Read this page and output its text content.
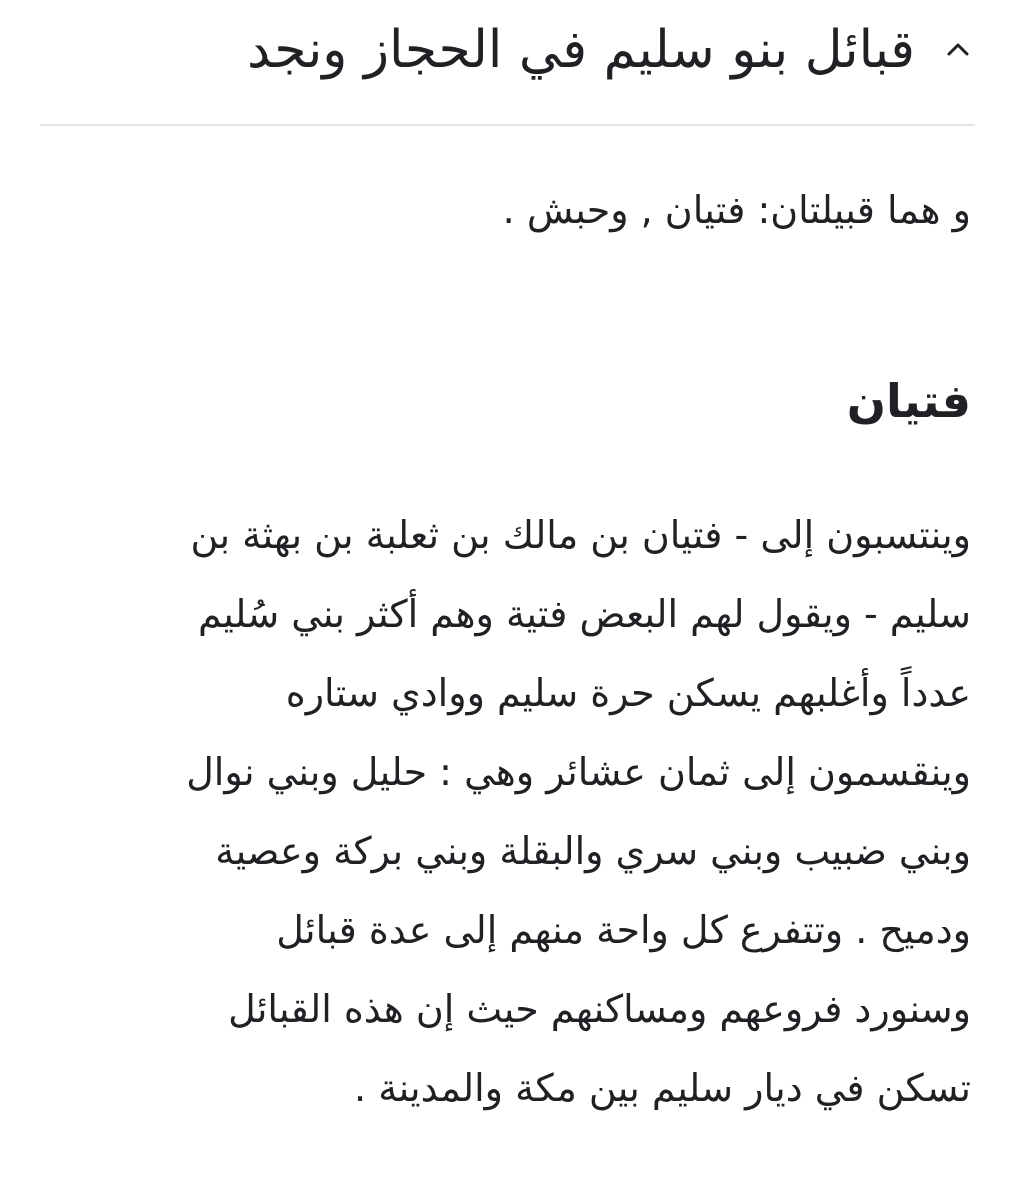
قبائل بنو سليم في الحجاز ونجد

و هما قبيلتان: فتيان , وحبش .

فتيان
وينتسبون إلى - فتيان بن مالك بن ثعلبة بن بهثة بن
سليم - ويقول لهم البعض فتية وهم أكثر بني سُليم
عدداً وأغلبهم يسكن حرة سليم ووادي ستاره
وينقسمون إلى ثمان عشائر وهي : حليل وبني نوال
وبني ضبيب وبني سري والبقلة وبني بركة وعصية
ودميح . وتتفرع كل واحة منهم إلى عدة قبائل
وسنورد فروعهم ومساكنهم حيث إن هذه القبائل
تسكن في ديار سليم بين مكة والمدينة .
